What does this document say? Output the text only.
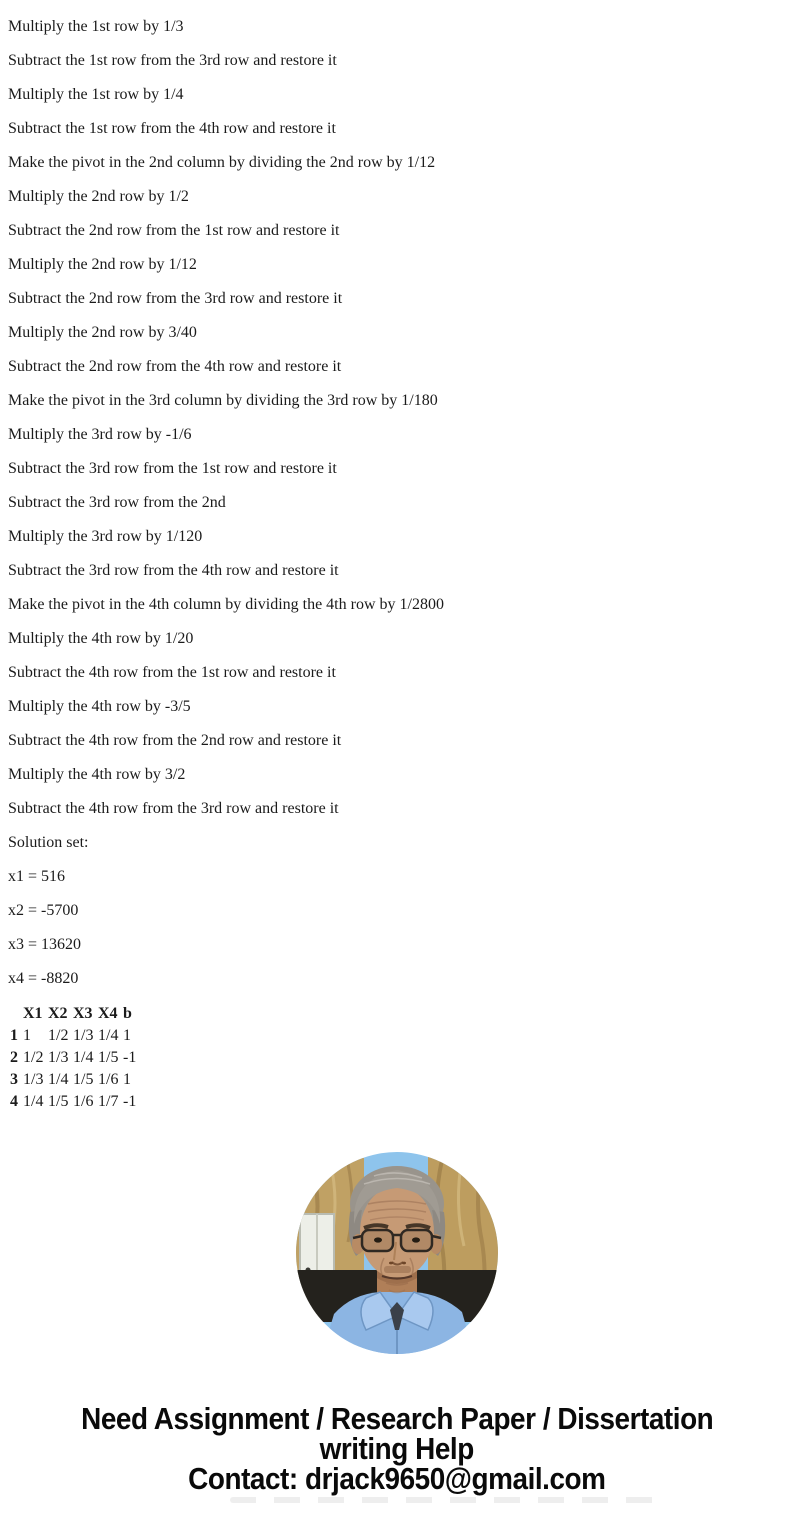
Multiply the 1st row by 1/3

Subtract the 1st row from the 3rd row and restore it

Multiply the 1st row by 1/4

Subtract the 1st row from the 4th row and restore it

Make the pivot in the 2nd column by dividing the 2nd row by 1/12

Multiply the 2nd row by 1/2

Subtract the 2nd row from the 1st row and restore it

Multiply the 2nd row by 1/12

Subtract the 2nd row from the 3rd row and restore it

Multiply the 2nd row by 3/40

Subtract the 2nd row from the 4th row and restore it

Make the pivot in the 3rd column by dividing the 3rd row by 1/180

Multiply the 3rd row by -1/6

Subtract the 3rd row from the 1st row and restore it

Subtract the 3rd row from the 2nd

Multiply the 3rd row by 1/120

Subtract the 3rd row from the 4th row and restore it

Make the pivot in the 4th column by dividing the 4th row by 1/2800

Multiply the 4th row by 1/20

Subtract the 4th row from the 1st row and restore it

Multiply the 4th row by -3/5

Subtract the 4th row from the 2nd row and restore it

Multiply the 4th row by 3/2

Subtract the 4th row from the 3rd row and restore it

Solution set:

x1 = 516

x2 = -5700

x3 = 13620

x4 = -8820

	X1	X2	X3	X4	b
1	1	1/2	1/3	1/4	1
2	1/2	1/3	1/4	1/5	-1
3	1/3	1/4	1/5	1/6	1
4	1/4	1/5	1/6	1/7	-1
Need Assignment / Research Paper / Dissertation
writing Help
Contact: drjack9650@gmail.com
